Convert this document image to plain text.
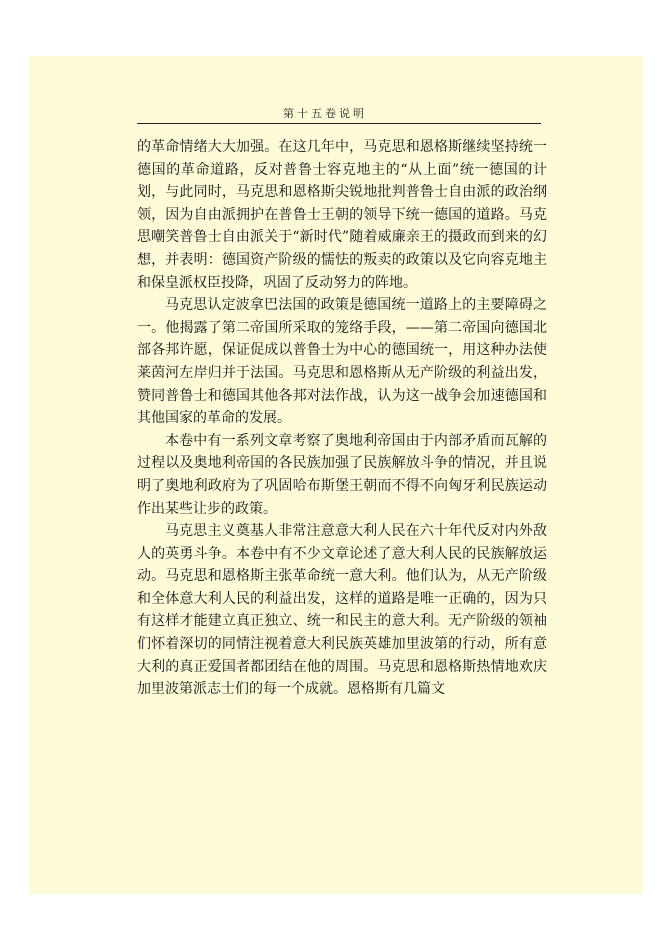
第十五卷说明

的革命情绪大大加强。在这几年中，马克思和恩格斯继续坚持统一德国的革命道路，反对普鲁士容克地主的“从上面”统一德国的计划，与此同时，马克思和恩格斯尖锐地批判普鲁士自由派的政治纲领，因为自由派拥护在普鲁士王朝的领导下统一德国的道路。马克思嘲笑普鲁士自由派关于“新时代”随着威廉亲王的摄政而到来的幻想，并表明：德国资产阶级的懦怯的叛卖的政策以及它向容克地主和保皇派权臣投降，巩固了反动努力的阵地。

马克思认定波拿巴法国的政策是德国统一道路上的主要障碍之一。他揭露了第二帝国所采取的笼络手段，——第二帝国向德国北部各邦许愿，保证促成以普鲁士为中心的德国统一，用这种办法使莱茵河左岸归并于法国。马克思和恩格斯从无产阶级的利益出发，赞同普鲁士和德国其他各邦对法作战，认为这一战争会加速德国和其他国家的革命的发展。

本卷中有一系列文章考察了奥地利帝国由于内部矛盾而瓦解的过程以及奥地利帝国的各民族加强了民族解放斗争的情况，并且说明了奥地利政府为了巩固哈布斯堡王朝而不得不向匈牙利民族运动作出某些让步的政策。

马克思主义奠基人非常注意意大利人民在六十年代反对内外敌人的英勇斗争。本卷中有不少文章论述了意大利人民的民族解放运动。马克思和恩格斯主张革命统一意大利。他们认为，从无产阶级和全体意大利人民的利益出发，这样的道路是唯一正确的，因为只有这样才能建立真正独立、统一和民主的意大利。无产阶级的领袖们怀着深切的同情注视着意大利民族英雄加里波第的行动，所有意大利的真正爱国者都团结在他的周围。马克思和恩格斯热情地欢庆加里波第派志士们的每一个成就。恩格斯有几篇文
